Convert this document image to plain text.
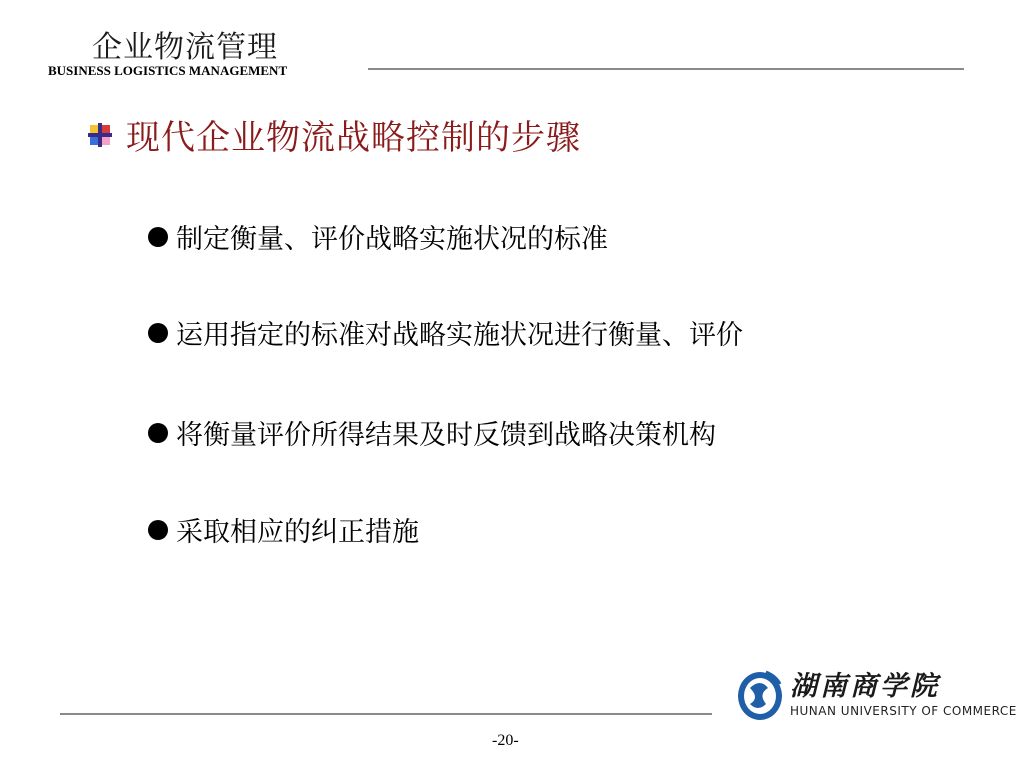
企业物流管理
BUSINESS LOGISTICS MANAGEMENT
现代企业物流战略控制的步骤
制定衡量、评价战略实施状况的标准
运用指定的标准对战略实施状况进行衡量、评价
将衡量评价所得结果及时反馈到战略决策机构
采取相应的纠正措施
-20-
湖南商学院
HUNAN UNIVERSITY OF COMMERCE
